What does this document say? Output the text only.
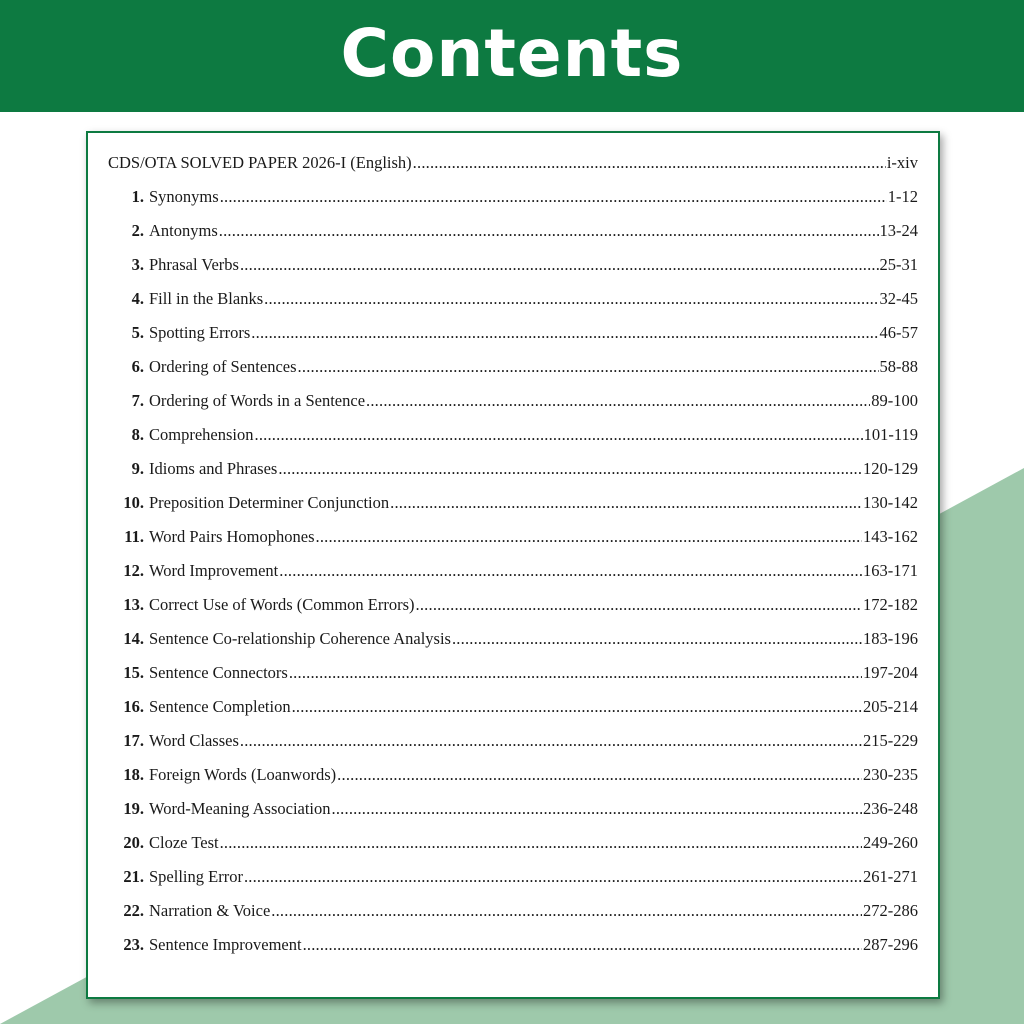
Contents
CDS/OTA SOLVED PAPER 2026-I (English) .....	i-xiv
1. Synonyms .....	1-12
2. Antonyms .....	13-24
3. Phrasal Verbs .....	25-31
4. Fill in the Blanks .....	32-45
5. Spotting Errors .....	46-57
6. Ordering of Sentences .....	58-88
7. Ordering of Words in a Sentence .....	89-100
8. Comprehension .....	101-119
9. Idioms and Phrases .....	120-129
10. Preposition Determiner Conjunction .....	130-142
11. Word Pairs Homophones .....	143-162
12. Word Improvement .....	163-171
13. Correct Use of Words (Common Errors) .....	172-182
14. Sentence Co-relationship Coherence Analysis .....	183-196
15. Sentence Connectors .....	197-204
16. Sentence Completion .....	205-214
17. Word Classes .....	215-229
18. Foreign Words (Loanwords) .....	230-235
19. Word-Meaning Association .....	236-248
20. Cloze Test .....	249-260
21. Spelling Error .....	261-271
22. Narration & Voice .....	272-286
23. Sentence Improvement .....	287-296
